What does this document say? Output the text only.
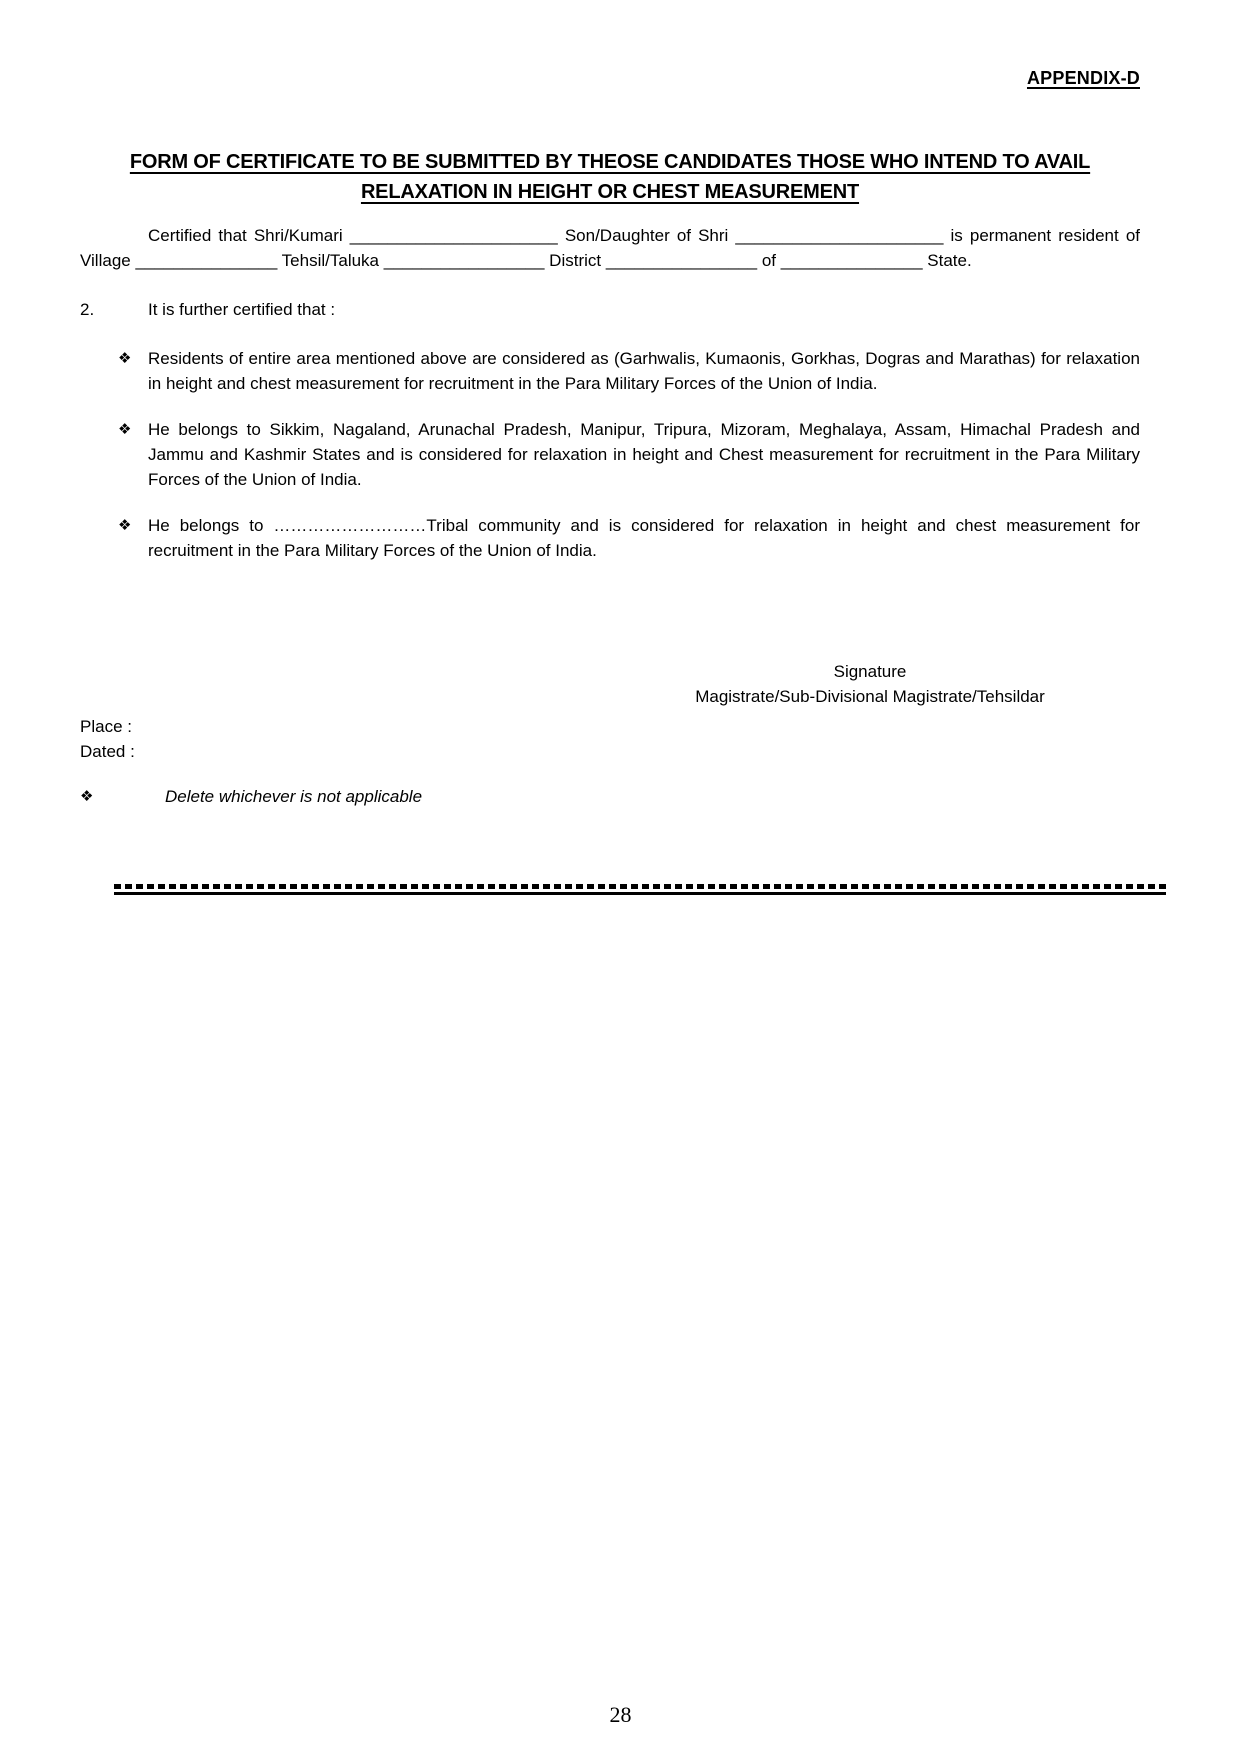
APPENDIX-D
FORM OF CERTIFICATE TO BE SUBMITTED BY THEOSE CANDIDATES THOSE WHO INTEND TO AVAIL
RELAXATION IN HEIGHT OR CHEST MEASUREMENT

Certified that Shri/Kumari ______________________ Son/Daughter of Shri ______________________ is permanent resident of Village _______________ Tehsil/Taluka _________________ District ________________ of _______________ State.

2.	It is further certified that :
❖ Residents of entire area mentioned above are considered as (Garhwalis, Kumaonis, Gorkhas, Dogras and Marathas) for relaxation in height and chest measurement for recruitment in the Para Military Forces of the Union of India.
❖ He belongs to Sikkim, Nagaland, Arunachal Pradesh, Manipur, Tripura, Mizoram, Meghalaya, Assam, Himachal Pradesh and Jammu and Kashmir States and is considered for relaxation in height and Chest measurement for recruitment in the Para Military Forces of the Union of India.
❖ He belongs to ………………………Tribal community and is considered for relaxation in height and chest measurement for recruitment in the Para Military Forces of the Union of India.
Signature
Magistrate/Sub-Divisional Magistrate/Tehsildar
Place :
Dated :
❖	Delete whichever is not applicable
28
